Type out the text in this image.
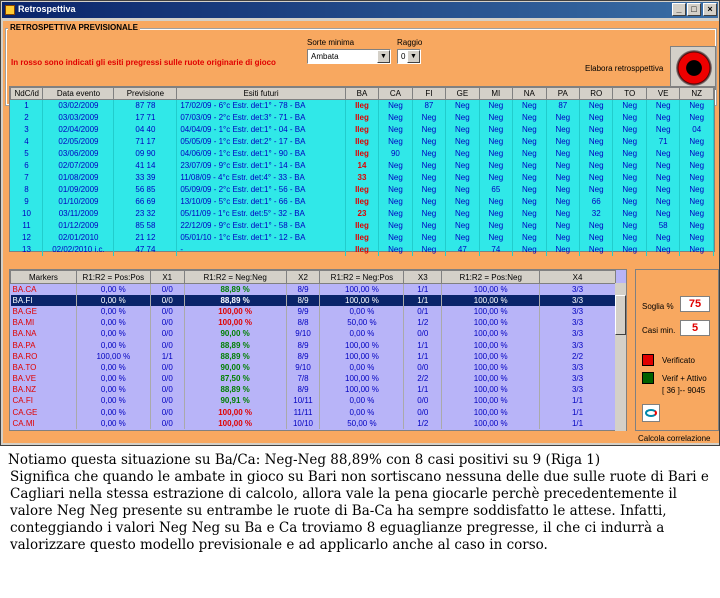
Retrospettiva	_	□	×
RETROSPETTIVA PREVISIONALE
In rosso sono indicati gli esiti pregressi sulle ruote originarie di gioco
Sorte minima
Ambata	▼
Raggio
0 ▼
Elabora retrosppettiva
NdC/id	Data evento	Previsione	Esiti futuri	BA	CA	FI	GE	MI	NA	PA	RO	TO	VE	NZ
1	03/02/2009	87 78	17/02/09 - 6°c Estr. det:1° - 78 - BA	Ileg	Neg	87	Neg	Neg	Neg	87	Neg	Neg	Neg	Neg
2	03/03/2009	17 71	07/03/09 - 2°c Estr. det:3° - 71 - BA	Ileg	Neg	Neg	Neg	Neg	Neg	Neg	Neg	Neg	Neg	Neg
3	02/04/2009	04 40	04/04/09 - 1°c Estr. det:1° - 04 - BA	Ileg	Neg	Neg	Neg	Neg	Neg	Neg	Neg	Neg	Neg	04
4	02/05/2009	71 17	05/05/09 - 1°c Estr. det:2° - 17 - BA	Ileg	Neg	Neg	Neg	Neg	Neg	Neg	Neg	Neg	71	Neg
5	03/06/2009	09 90	04/06/09 - 1°c Estr. det:1° - 90 - BA	Ileg	90	Neg	Neg	Neg	Neg	Neg	Neg	Neg	Neg	Neg
6	02/07/2009	41 14	23/07/09 - 9°c Estr. det:1° - 14 - BA	14	Neg	Neg	Neg	Neg	Neg	Neg	Neg	Neg	Neg	Neg
7	01/08/2009	33 39	11/08/09 - 4°c Estr. det:4° - 33 - BA	33	Neg	Neg	Neg	Neg	Neg	Neg	Neg	Neg	Neg	Neg
8	01/09/2009	56 85	05/09/09 - 2°c Estr. det:1° - 56 - BA	Ileg	Neg	Neg	Neg	65	Neg	Neg	Neg	Neg	Neg	Neg
9	01/10/2009	66 69	13/10/09 - 5°c Estr. det:1° - 66 - BA	Ileg	Neg	Neg	Neg	Neg	Neg	Neg	66	Neg	Neg	Neg
10	03/11/2009	23 32	05/11/09 - 1°c Estr. det:5° - 32 - BA	23	Neg	Neg	Neg	Neg	Neg	Neg	32	Neg	Neg	Neg
11	01/12/2009	85 58	22/12/09 - 9°c Estr. det:1° - 58 - BA	Ileg	Neg	Neg	Neg	Neg	Neg	Neg	Neg	Neg	58	Neg
12	02/01/2010	21 12	05/01/10 - 1°c Estr. det:1° - 12 - BA	Ileg	Neg	Neg	Neg	Neg	Neg	Neg	Neg	Neg	Neg	Neg
13	02/02/2010 i.c.	47 74	-	Ileg	Neg	Neg	47	74	Neg	Neg	Neg	Neg	Neg	Neg
Markers	R1:R2 = Pos:Pos	X1	R1:R2 = Neg:Neg	X2	R1:R2 = Neg:Pos	X3	R1:R2 = Pos:Neg	X4
BA.CA	0,00 %	0/0	88,89 %	8/9	100,00 %	1/1	100,00 %	3/3
BA.FI	0,00 %	0/0	88,89 %	8/9	100,00 %	1/1	100,00 %	3/3
BA.GE	0,00 %	0/0	100,00 %	9/9	0,00 %	0/1	100,00 %	3/3
BA.MI	0,00 %	0/0	100,00 %	8/8	50,00 %	1/2	100,00 %	3/3
BA.NA	0,00 %	0/0	90,00 %	9/10	0,00 %	0/0	100,00 %	3/3
BA.PA	0,00 %	0/0	88,89 %	8/9	100,00 %	1/1	100,00 %	3/3
BA.RO	100,00 %	1/1	88,89 %	8/9	100,00 %	1/1	100,00 %	2/2
BA.TO	0,00 %	0/0	90,00 %	9/10	0,00 %	0/0	100,00 %	3/3
BA.VE	0,00 %	0/0	87,50 %	7/8	100,00 %	2/2	100,00 %	3/3
BA.NZ	0,00 %	0/0	88,89 %	8/9	100,00 %	1/1	100,00 %	3/3
CA.FI	0,00 %	0/0	90,91 %	10/11	0,00 %	0/0	100,00 %	1/1
CA.GE	0,00 %	0/0	100,00 %	11/11	0,00 %	0/0	100,00 %	1/1
CA.MI	0,00 %	0/0	100,00 %	10/10	50,00 %	1/2	100,00 %	1/1
Soglia %	75
Casi min.	5
Verificato
Verif + Attivo
[ 36 ]-- 9045
Calcola correlazione
Notiamo questa situazione su Ba/Ca: Neg-Neg 88,89% con 8 casi positivi su 9 (Riga 1)
Significa che quando le ambate in gioco su Bari non sortiscano nessuna delle due sulle ruote di Bari e Cagliari nella stessa estrazione di calcolo, allora vale la pena giocarle perchè precedentemente il valore Neg Neg presente su entrambe le ruote di Ba-Ca ha sempre soddisfatto le attese. Infatti, conteggiando i valori Neg Neg su Ba e Ca troviamo 8 eguaglianze pregresse, il che ci indurrà a valorizzare questo modello previsionale e ad applicarlo anche al caso in corso.
